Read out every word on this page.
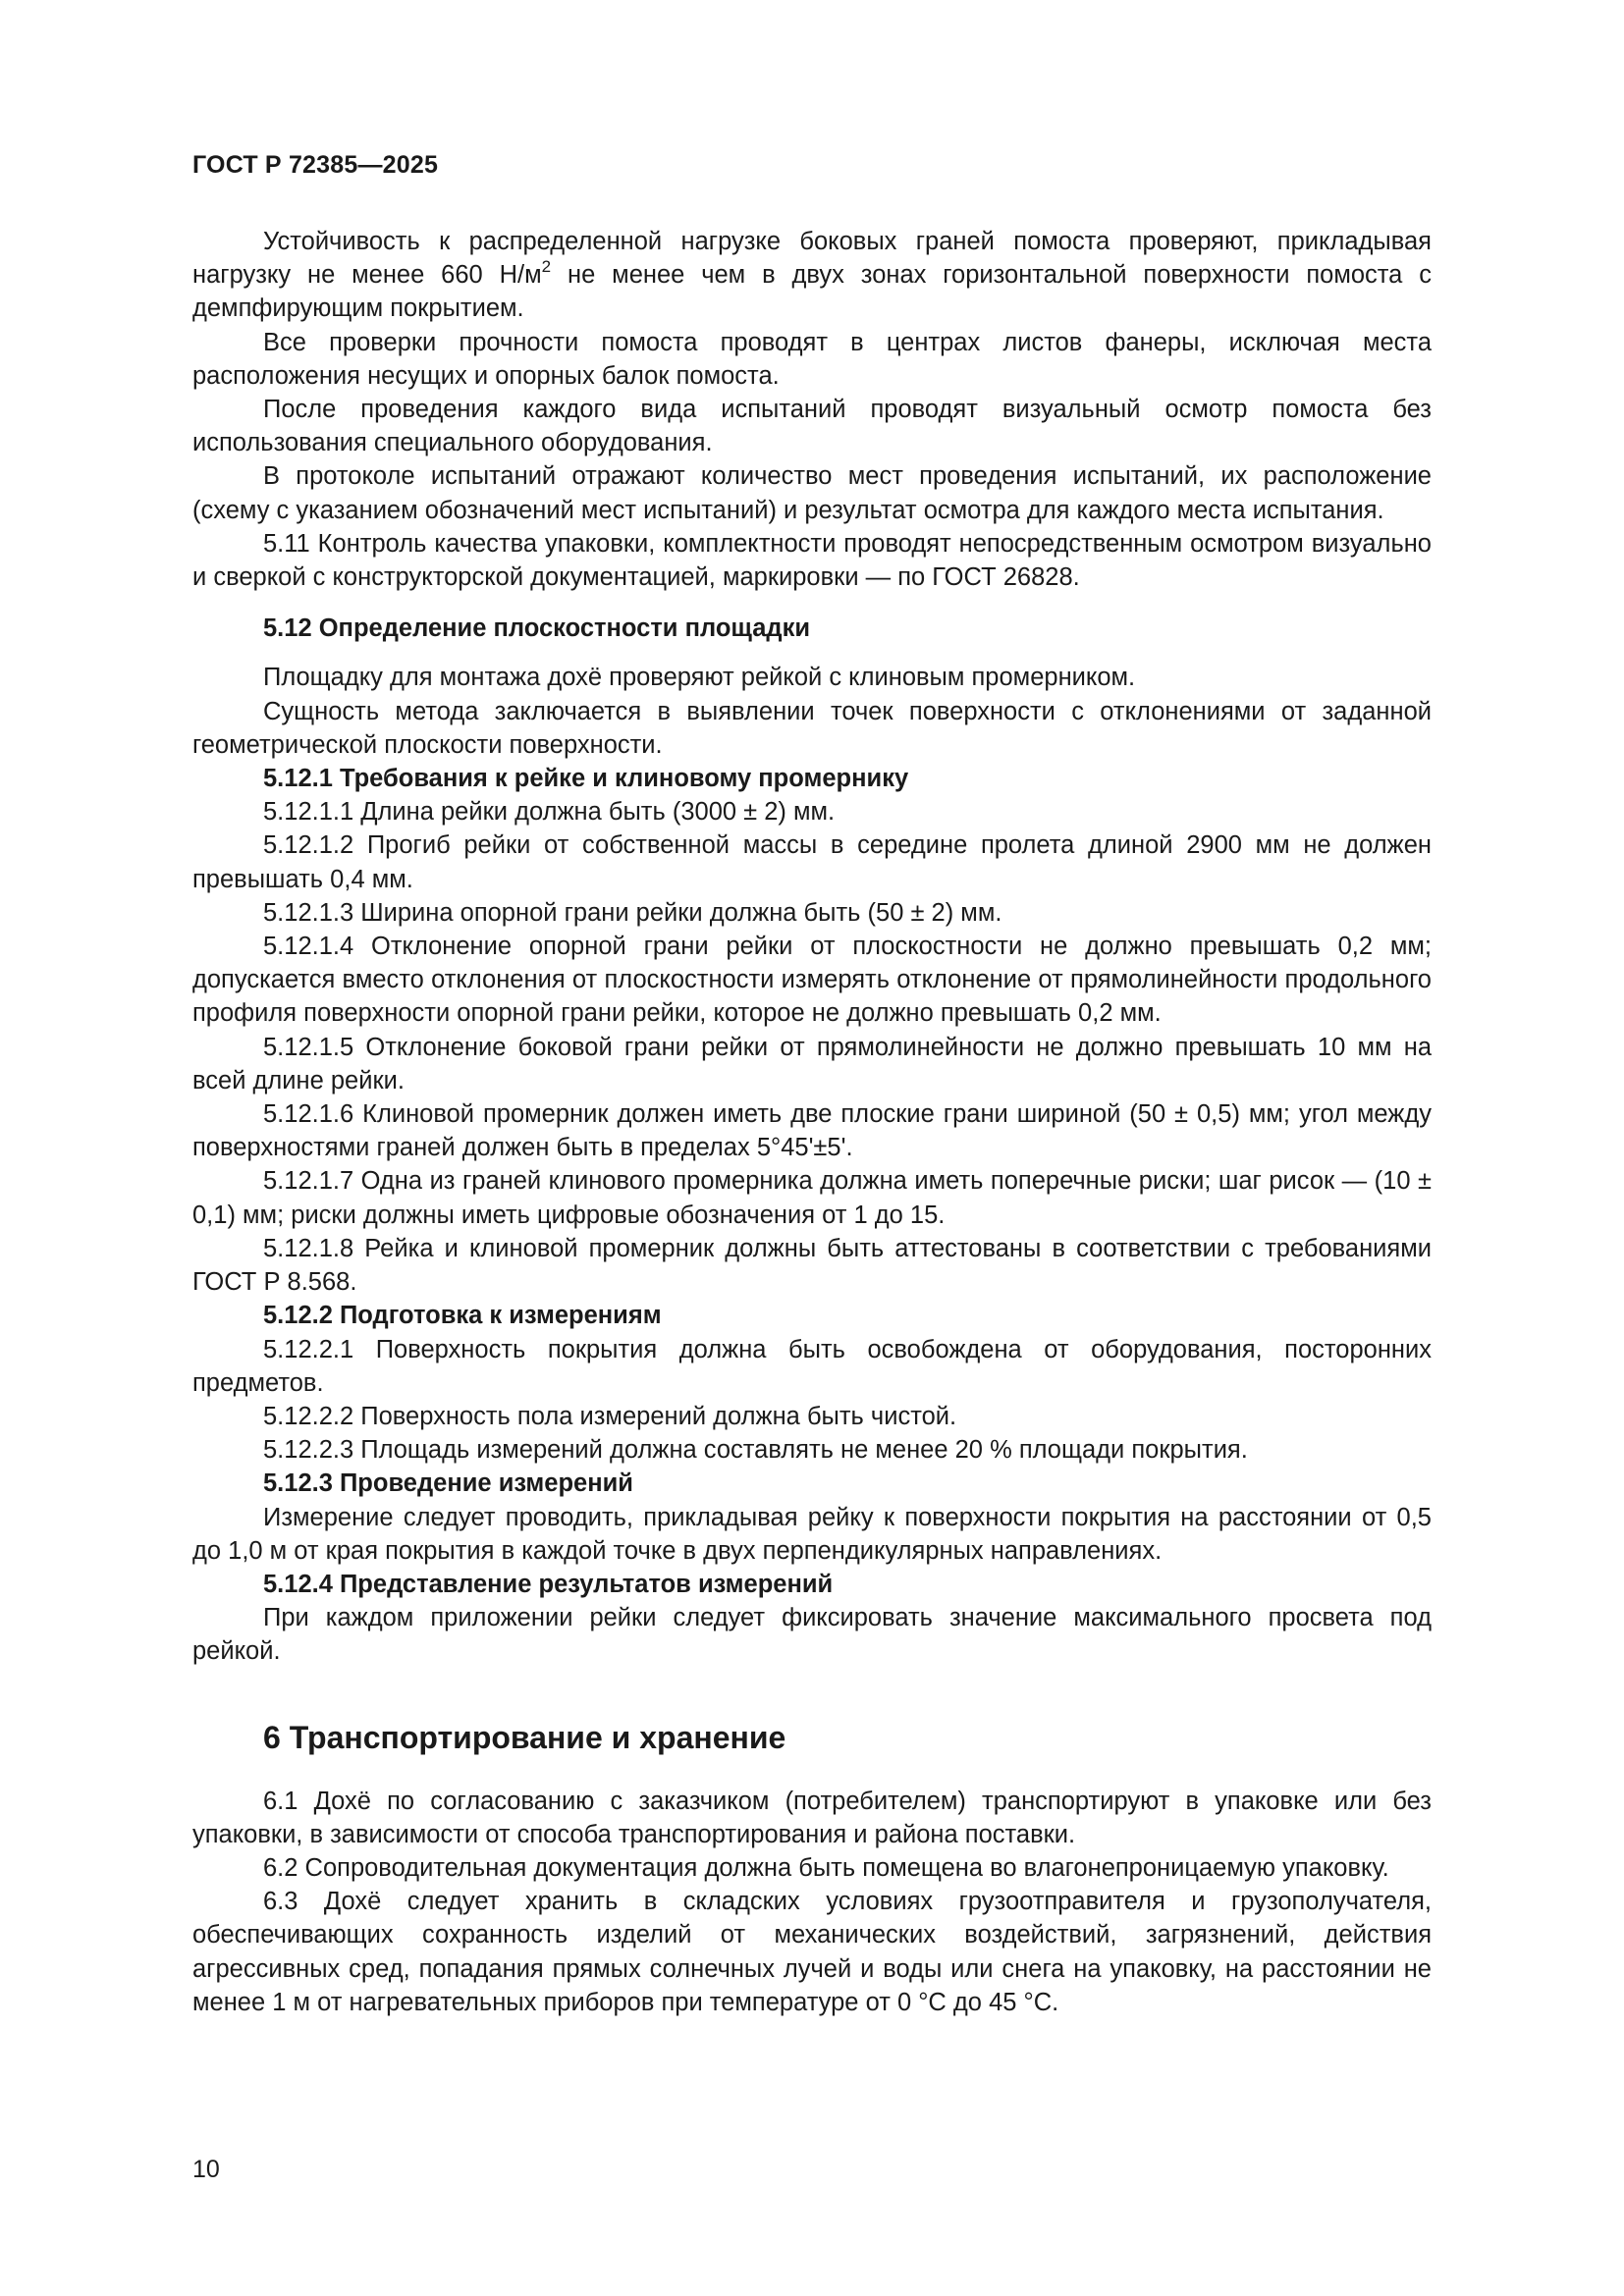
ГОСТ Р 72385—2025

Устойчивость к распределенной нагрузке боковых граней помоста проверяют, прикладывая нагрузку не менее 660 $Н/м^2$ не менее чем в двух зонах горизонтальной поверхности помоста с демпфирующим покрытием.

Все проверки прочности помоста проводят в центрах листов фанеры, исключая места расположения несущих и опорных балок помоста.

После проведения каждого вида испытаний проводят визуальный осмотр помоста без использования специального оборудования.

В протоколе испытаний отражают количество мест проведения испытаний, их расположение (схему с указанием обозначений мест испытаний) и результат осмотра для каждого места испытания.

5.11 Контроль качества упаковки, комплектности проводят непосредственным осмотром визуально и сверкой с конструкторской документацией, маркировки — по ГОСТ 26828.

5.12 Определение плоскостности площадки

Площадку для монтажа дохё проверяют рейкой с клиновым промерником.

Сущность метода заключается в выявлении точек поверхности с отклонениями от заданной геометрической плоскости поверхности.

5.12.1 Требования к рейке и клиновому промернику

5.12.1.1 Длина рейки должна быть (3000 ± 2) мм.

5.12.1.2 Прогиб рейки от собственной массы в середине пролета длиной 2900 мм не должен превышать 0,4 мм.

5.12.1.3 Ширина опорной грани рейки должна быть (50 ± 2) мм.

5.12.1.4 Отклонение опорной грани рейки от плоскостности не должно превышать 0,2 мм; допускается вместо отклонения от плоскостности измерять отклонение от прямолинейности продольного профиля поверхности опорной грани рейки, которое не должно превышать 0,2 мм.

5.12.1.5 Отклонение боковой грани рейки от прямолинейности не должно превышать 10 мм на всей длине рейки.

5.12.1.6 Клиновой промерник должен иметь две плоские грани шириной (50 ± 0,5) мм; угол между поверхностями граней должен быть в пределах 5°45'±5'.

5.12.1.7 Одна из граней клинового промерника должна иметь поперечные риски; шаг рисок — (10 ± 0,1) мм; риски должны иметь цифровые обозначения от 1 до 15.

5.12.1.8 Рейка и клиновой промерник должны быть аттестованы в соответствии с требованиями ГОСТ Р 8.568.

5.12.2 Подготовка к измерениям

5.12.2.1 Поверхность покрытия должна быть освобождена от оборудования, посторонних предметов.

5.12.2.2 Поверхность пола измерений должна быть чистой.

5.12.2.3 Площадь измерений должна составлять не менее 20 % площади покрытия.

5.12.3 Проведение измерений

Измерение следует проводить, прикладывая рейку к поверхности покрытия на расстоянии от 0,5 до 1,0 м от края покрытия в каждой точке в двух перпендикулярных направлениях.

5.12.4 Представление результатов измерений

При каждом приложении рейки следует фиксировать значение максимального просвета под рейкой.

6 Транспортирование и хранение

6.1 Дохё по согласованию с заказчиком (потребителем) транспортируют в упаковке или без упаковки, в зависимости от способа транспортирования и района поставки.

6.2 Сопроводительная документация должна быть помещена во влагонепроницаемую упаковку.

6.3 Дохё следует хранить в складских условиях грузоотправителя и грузополучателя, обеспечивающих сохранность изделий от механических воздействий, загрязнений, действия агрессивных сред, попадания прямых солнечных лучей и воды или снега на упаковку, на расстоянии не менее 1 м от нагревательных приборов при температуре от 0 °С до 45 °С.

10
